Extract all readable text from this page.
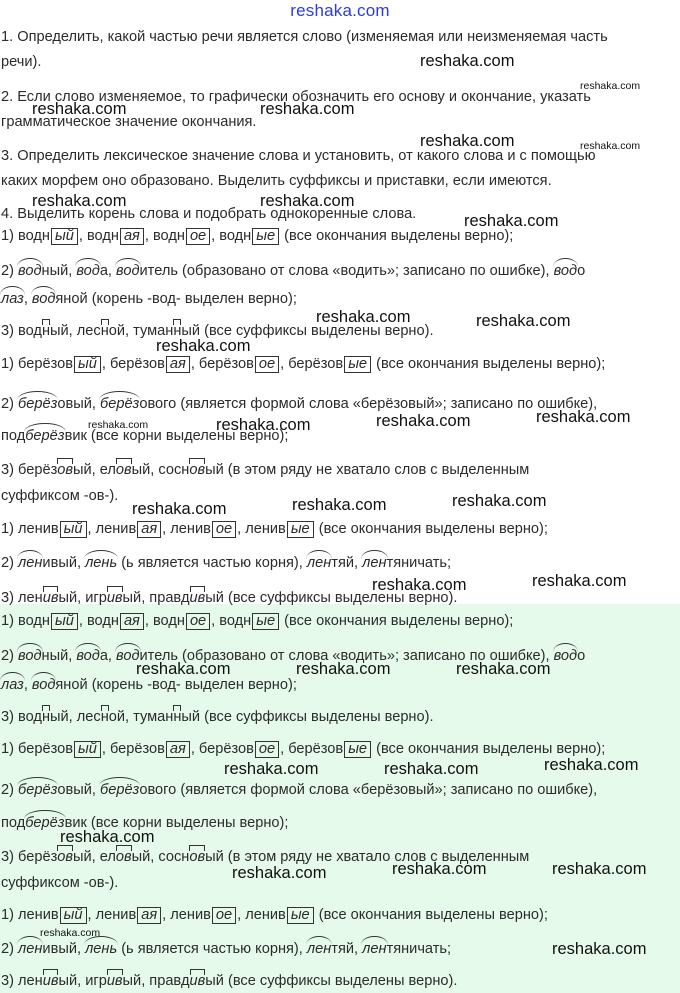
reshaka.com
1. Определить, какой частью речи является слово (изменяемая или неизменяемая часть
речи).
2. Если слово изменяемое, то графически обозначить его основу и окончание, указать
грамматическое значение окончания.
3. Определить лексическое значение слова и установить, от какого слова и с помощью
каких морфем оно образовано. Выделить суффиксы и приставки, если имеются.
4. Выделить корень слова и подобрать однокоренные слова.
1) водн ый , водн ая , водн ое , водн ые (все окончания выделены верно);
2) водный, вода, водитель (образовано от слова «водить»; записано по ошибке), водо
лаз, водяной (корень -вод- выделен верно);
3) водный, лесной, туманный (все суффиксы выделены верно).
1) берёзов ый , берёзов ая , берёзов ое , берёзов ые (все окончания выделены верно);
2) берёзовый, берёзового (является формой слова «берёзовый»; записано по ошибке),
подберёзвик (все корни выделены верно);
3) берёзовый, еловый, сосновый (в этом ряду не хватало слов с выделенным
суффиксом -ов-).
1) ленив ый , ленив ая , ленив ое , ленив ые (все окончания выделены верно);
2) ленивый, лень (ь является частью корня), лентяй, лентяничать;
3) ленивый, игривый, правдивый (все суффиксы выделены верно).
1) водн ый , водн ая , водн ое , водн ые (все окончания выделены верно);
2) водный, вода, водитель (образовано от слова «водить»; записано по ошибке), водо
лаз, водяной (корень -вод- выделен верно);
3) водный, лесной, туманный (все суффиксы выделены верно).
1) берёзов ый , берёзов ая , берёзов ое , берёзов ые (все окончания выделены верно);
2) берёзовый, берёзового (является формой слова «берёзовый»; записано по ошибке),
подберёзвик (все корни выделены верно);
3) берёзовый, еловый, сосновый (в этом ряду не хватало слов с выделенным
суффиксом -ов-).
1) ленив ый , ленив ая , ленив ое , ленив ые (все окончания выделены верно);
2) ленивый, лень (ь является частью корня), лентяй, лентяничать;
3) ленивый, игривый, правдивый (все суффиксы выделены верно).
reshaka.com
reshaka.com
reshaka.com	reshaka.com
reshaka.com	reshaka.com
reshaka.com	reshaka.com
reshaka.com
reshaka.com	reshaka.com
reshaka.com
reshaka.com
reshaka.com	reshaka.com
reshaka.com
reshaka.com	reshaka.com
reshaka.com
reshaka.com
reshaka.com
reshaka.com	reshaka.com	reshaka.com
reshaka.com
reshaka.com	reshaka.com
reshaka.com
reshaka.com	reshaka.com
reshaka.com
reshaka.com
reshaka.com
